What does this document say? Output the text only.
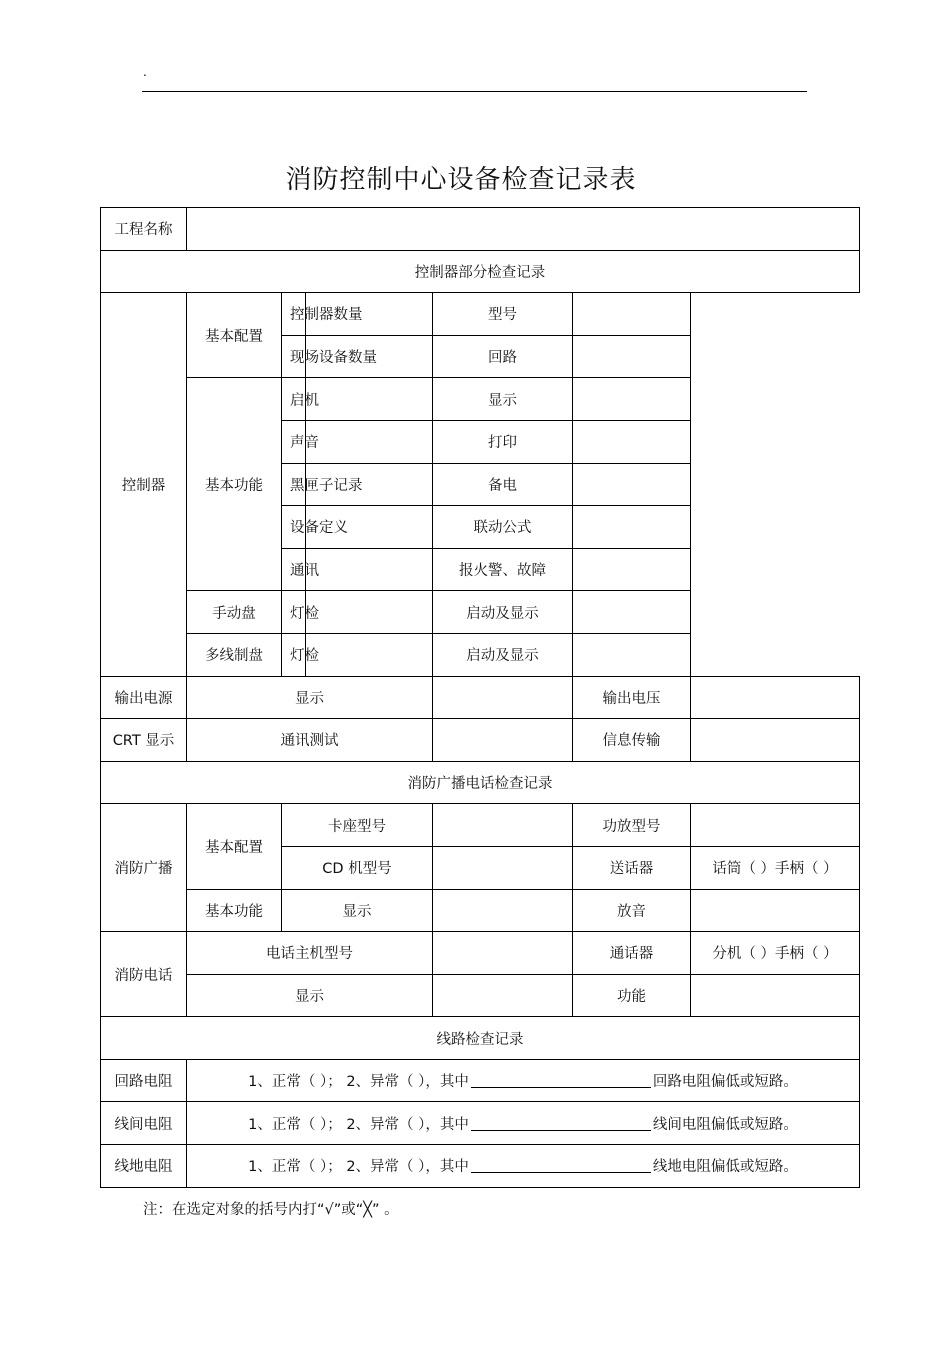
.
消防控制中心设备检查记录表
工程名称						
控制器部分检查记录						
控制器	基本配置	控制器数量		型号		
		现场设备数量		回路		
	基本功能	启机		显示		
		声音		打印		
		黑匣子记录		备电		
		设备定义		联动公式		
		通讯		报火警、故障		
	手动盘	灯检		启动及显示		
	多线制盘	灯检		启动及显示		
输出电源	显示				输出电压	
CRT 显示	通讯测试				信息传输	
消防广播电话检查记录						
消防广播	基本配置	卡座型号			功放型号	
		CD 机型号			送话器	话筒（ ）手柄（ ）
	基本功能	显示			放音	
消防电话	电话主机型号				通话器	分机（ ）手柄（ ）
	显示				功能	
线路检查记录						
回路电阻	1、正常（ ）； 2、异常（ ），其中 回路电阻偏低或短路。					
线间电阻	1、正常（ ）； 2、异常（ ），其中 线间电阻偏低或短路。					
线地电阻	1、正常（ ）； 2、异常（ ），其中 线地电阻偏低或短路。					
注：在选定对象的括号内打“√”或“╳” 。
